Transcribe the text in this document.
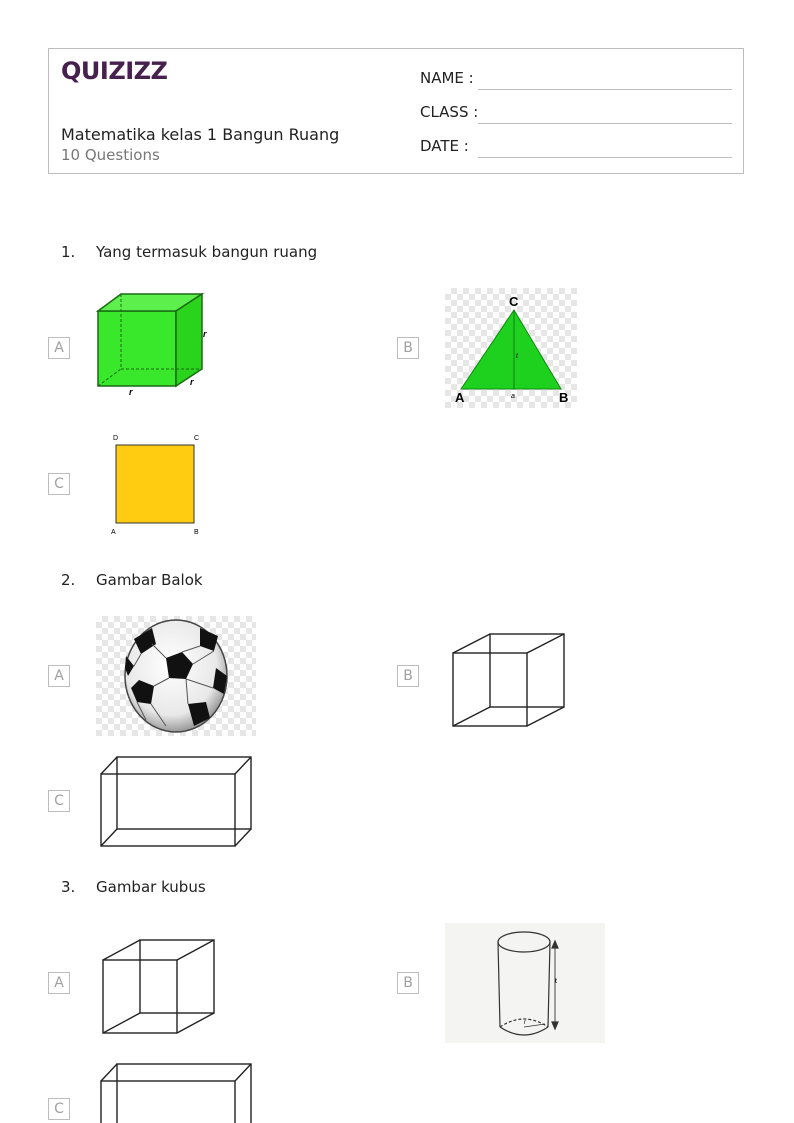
QUIZIZZ
Matematika kelas 1 Bangun Ruang
10 Questions
NAME :
CLASS :
DATE :
1. Yang termasuk bangun ruang
A
r
r
r
B
C
A	B
t
a
C
D	C
A	B
2. Gambar Balok
A	B
C
3. Gambar kubus
A	B	t
r
C
